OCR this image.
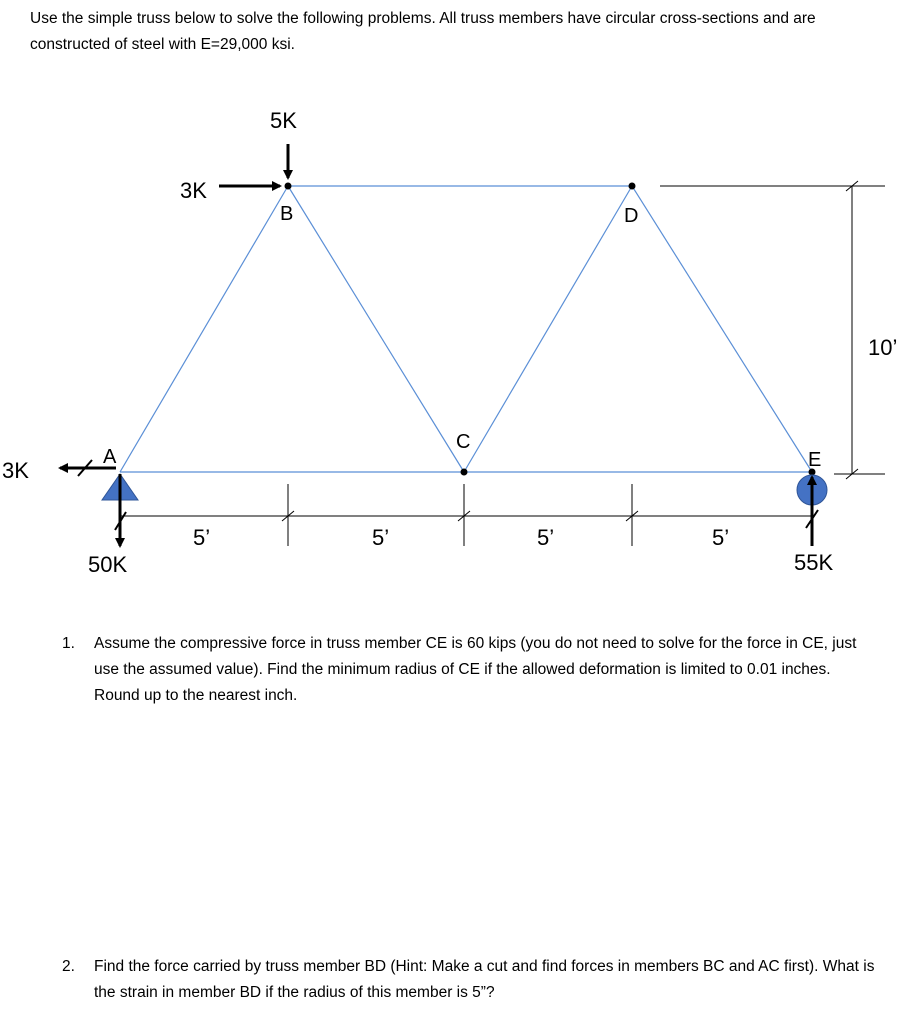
Use the simple truss below to solve the following problems. All truss members have circular cross-sections and are constructed of steel with E=29,000 ksi.
5K
3K
3K
50K	55K
A
B
C
D
E
5’	5’	5’	5’
10’
1. Assume the compressive force in truss member CE is 60 kips (you do not need to solve for the force in CE, just use the assumed value). Find the minimum radius of CE if the allowed deformation is limited to 0.01 inches. Round up to the nearest inch.
2. Find the force carried by truss member BD (Hint: Make a cut and find forces in members BC and AC first). What is the strain in member BD if the radius of this member is 5”?
